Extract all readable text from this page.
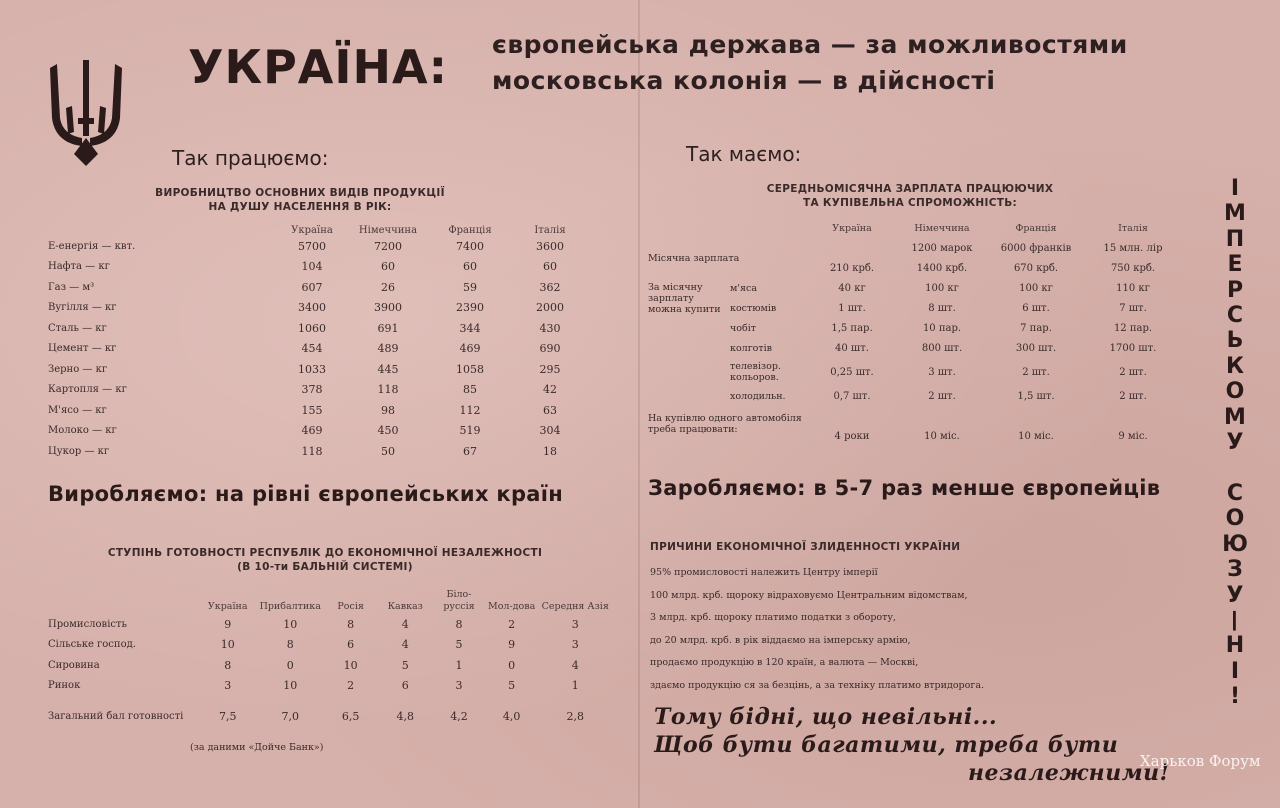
УКРАЇНА: європейська держава — за можливостями
московська колонія — в дійсності
Так працюємо:
ВИРОБНИЦТВО ОСНОВНИХ ВИДІВ ПРОДУКЦІЇ
НА ДУШУ НАСЕЛЕННЯ В РІК:
	Україна	Німеччина	Франція	Італія
Е-енергія — квт.	5700	7200	7400	3600
Нафта — кг	104	60	60	60
Газ — м³	607	26	59	362
Вугілля — кг	3400	3900	2390	2000
Сталь — кг	1060	691	344	430
Цемент — кг	454	489	469	690
Зерно — кг	1033	445	1058	295
Картопля — кг	378	118	85	42
М'ясо — кг	155	98	112	63
Молоко — кг	469	450	519	304
Цукор — кг	118	50	67	18
Виробляємо: на рівні європейських країн
СТУПІНЬ ГОТОВНОСТІ РЕСПУБЛІК ДО ЕКОНОМІЧНОЇ НЕЗАЛЕЖНОСТІ
(В 10-ти БАЛЬНІЙ СИСТЕМІ)
	Україна	Прибалтика	Росія	Кавказ	Біло-руссія	Мол-дова	Середня Азія
Промисловість	9	10	8	4	8	2	3
Сільське господ.	10	8	6	4	5	9	3
Сировина	8	0	10	5	1	0	4
Ринок	3	10	2	6	3	5	1
Загальний бал готовності	7,5	7,0	6,5	4,8	4,2	4,0	2,8
(за даними «Дойче Банк»)
Так маємо:
СЕРЕДНЬОМІСЯЧНА ЗАРПЛАТА ПРАЦЮЮЧИХ
ТА КУПІВЕЛЬНА СПРОМОЖНІСТЬ:
		Україна	Німеччина	Франція	Італія
Місячна зарплата			1200 марок	6000 франків	15 млн. лір
		210 крб.	1400 крб.	670 крб.	750 крб.
За місячну зарплату можна купити	м'яса	40 кг	100 кг	100 кг	110 кг
	костюмів	1 шт.	8 шт.	6 шт.	7 шт.
	чобіт	1,5 пар.	10 пар.	7 пар.	12 пар.
	колготів	40 шт.	800 шт.	300 шт.	1700 шт.
	телевізор. кольоров.	0,25 шт.	3 шт.	2 шт.	2 шт.
	холодильн.	0,7 шт.	2 шт.	1,5 шт.	2 шт.
На купівлю одного автомобіля треба працювати:		4 роки	10 міс.	10 міс.	9 міс.
Заробляємо: в 5-7 раз менше європейців
ПРИЧИНИ ЕКОНОМІЧНОЇ ЗЛИДЕННОСТІ УКРАЇНИ
95% промисловості належить Центру імперії
100 млрд. крб. щороку відраховуємо Центральним відомствам,
3 млрд. крб. щороку платимо податки з обороту,
до 20 млрд. крб. в рік віддаємо на імперську армію,
продаємо продукцію в 120 країн, а валюта — Москві,
здаємо продукцію ся за безцінь, а за техніку платимо втридорога.
Тому бідні, що невільні...
Щоб бути багатими, треба бути
незалежними!
І
М
П
Е
Р
С
Ь
К
О
М
У

С
О
Ю
З
У
—
Н
І
!
Харьков Форум
